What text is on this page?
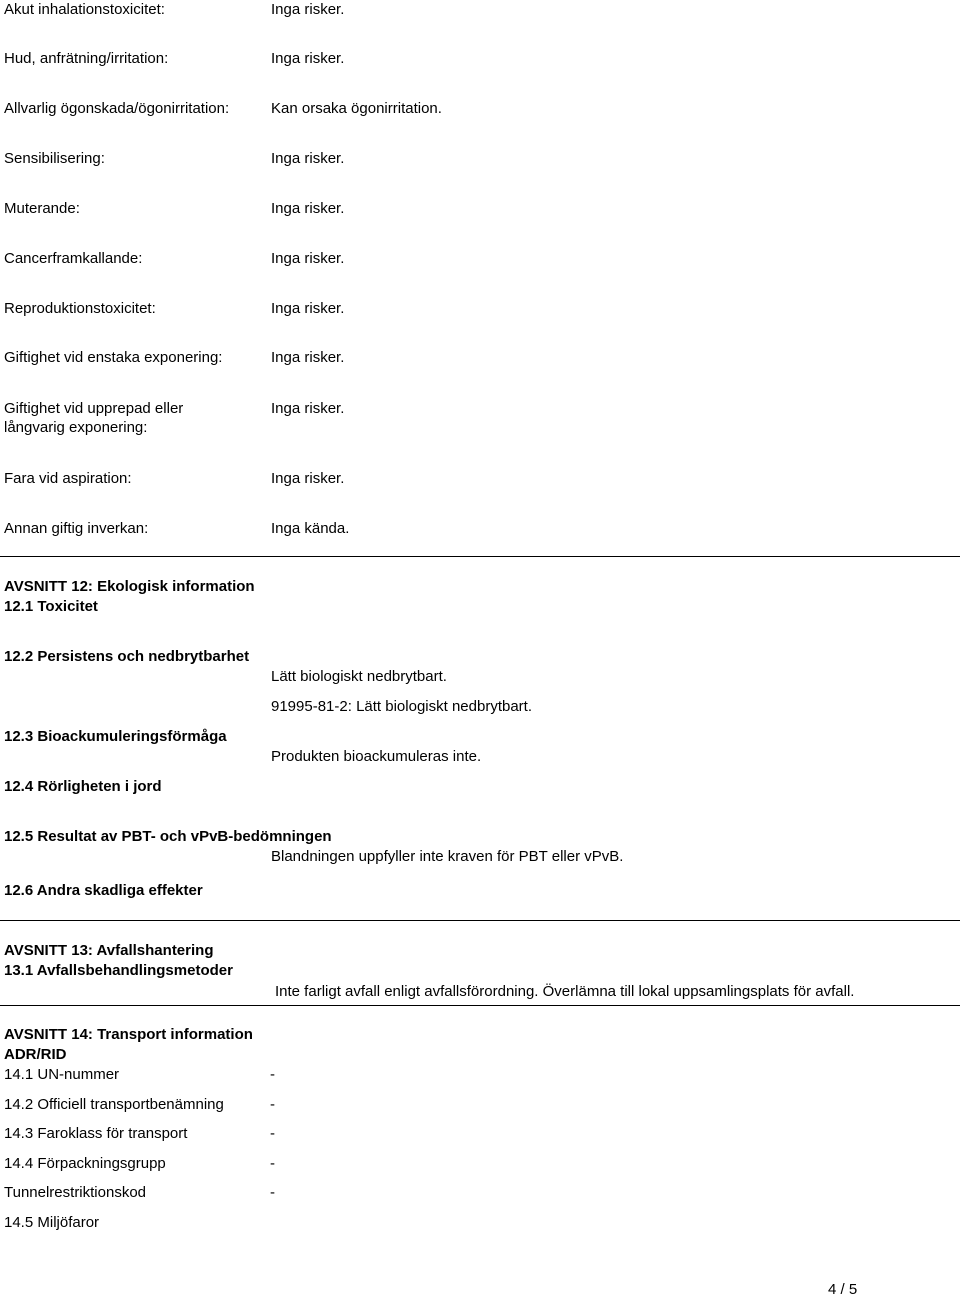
Akut inhalationstoxicitet:	Inga risker.
Hud, anfrätning/irritation:	Inga risker.
Allvarlig ögonskada/ögonirritation:	Kan orsaka ögonirritation.
Sensibilisering:	Inga risker.
Muterande:	Inga risker.
Cancerframkallande:	Inga risker.
Reproduktionstoxicitet:	Inga risker.
Giftighet vid enstaka exponering:	Inga risker.
Giftighet vid upprepad eller långvarig exponering:
Inga risker.
Fara vid aspiration:	Inga risker.
Annan giftig inverkan:	Inga kända.
AVSNITT 12: Ekologisk information
12.1 Toxicitet
12.2 Persistens och nedbrytbarhet
Lätt biologiskt nedbrytbart.
91995-81-2: Lätt biologiskt nedbrytbart.
12.3 Bioackumuleringsförmåga
Produkten bioackumuleras inte.
12.4 Rörligheten i jord
12.5 Resultat av PBT- och vPvB-bedömningen
Blandningen uppfyller inte kraven för PBT eller vPvB.
12.6 Andra skadliga effekter
AVSNITT 13: Avfallshantering
13.1 Avfallsbehandlingsmetoder
Inte farligt avfall enligt avfallsförordning. Överlämna till lokal uppsamlingsplats för avfall.
AVSNITT 14: Transport information
ADR/RID
14.1 UN-nummer	-
14.2 Officiell transportbenämning	-
14.3 Faroklass för transport	-
14.4 Förpackningsgrupp	-
Tunnelrestriktionskod	-
14.5 Miljöfaror
4 / 5
